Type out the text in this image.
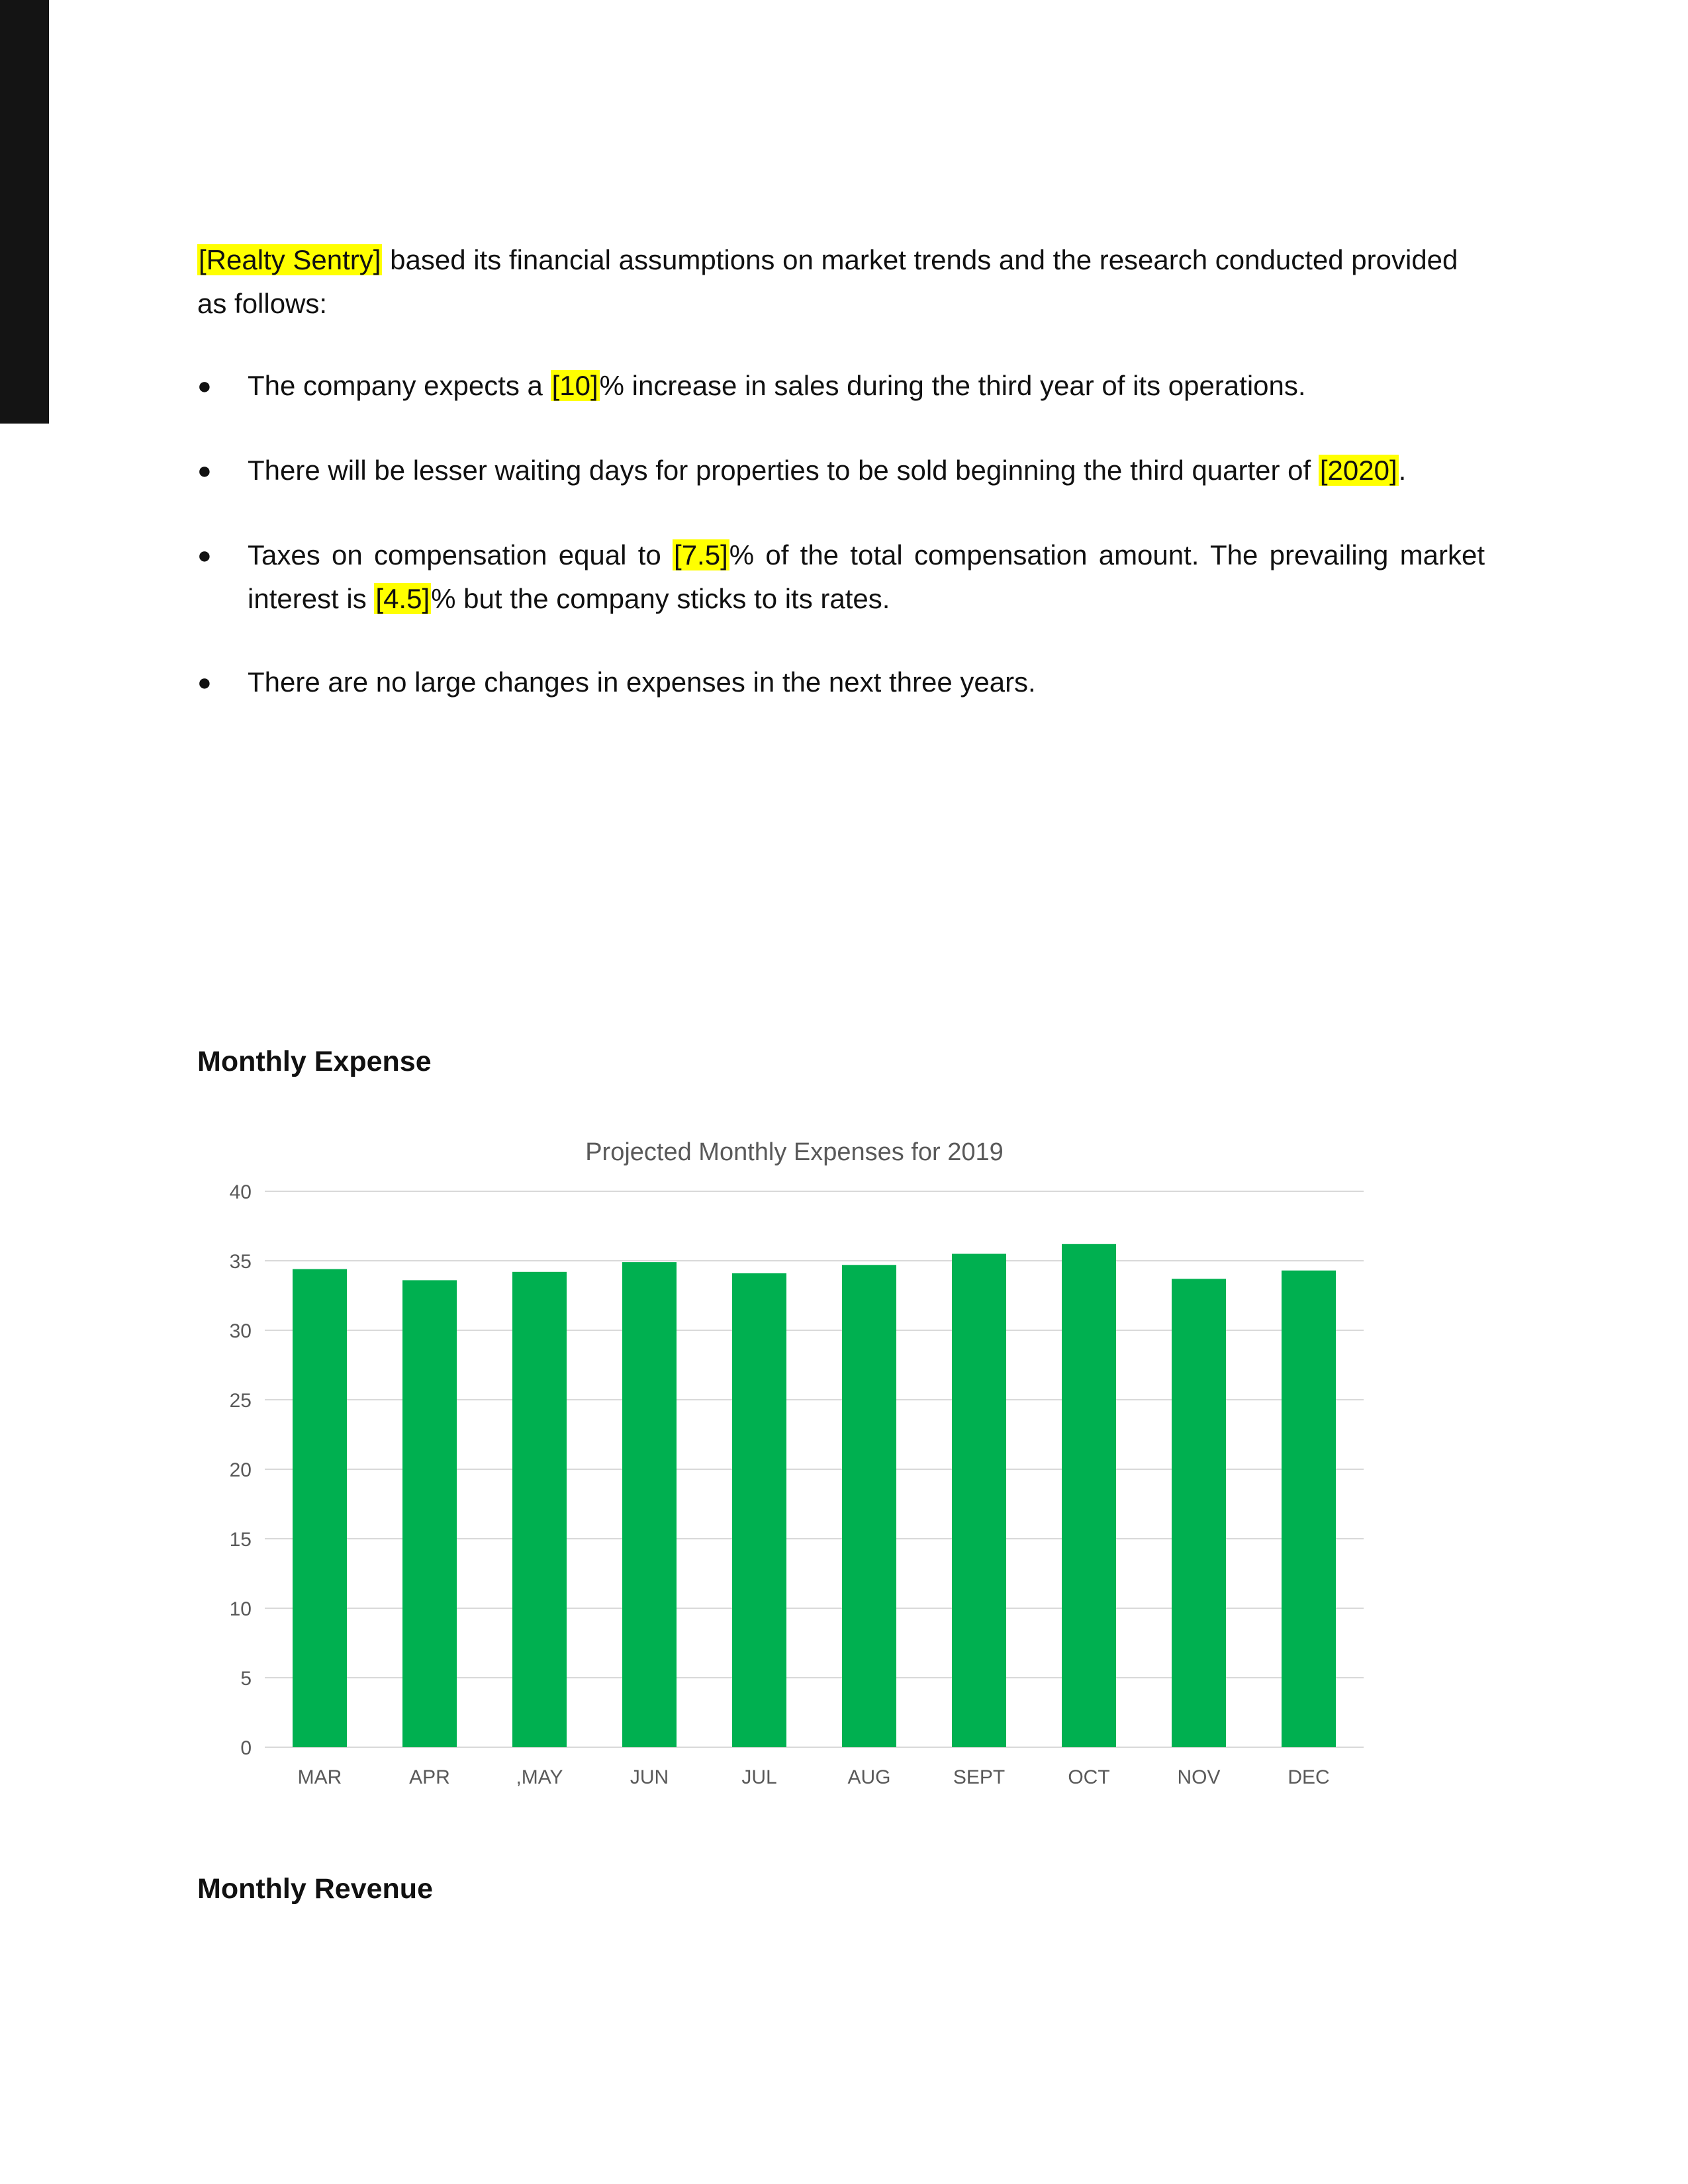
[Realty Sentry] based its financial assumptions on market trends and the research conducted provided as follows:

●	The company expects a [10]% increase in sales during the third year of its operations.
●	There will be lesser waiting days for properties to be sold beginning the third quarter of [2020].
●	Taxes on compensation equal to [7.5]% of the total compensation amount. The prevailing market interest is [4.5]% but the company sticks to its rates.
●	There are no large changes in expenses in the next three years.
Monthly Expense
Projected Monthly Expenses for 2019
0
5
10
15
20
25
30
35
40
MAR	APR	,MAY	JUN	JUL	AUG	SEPT	OCT	NOV	DEC
Monthly Revenue
